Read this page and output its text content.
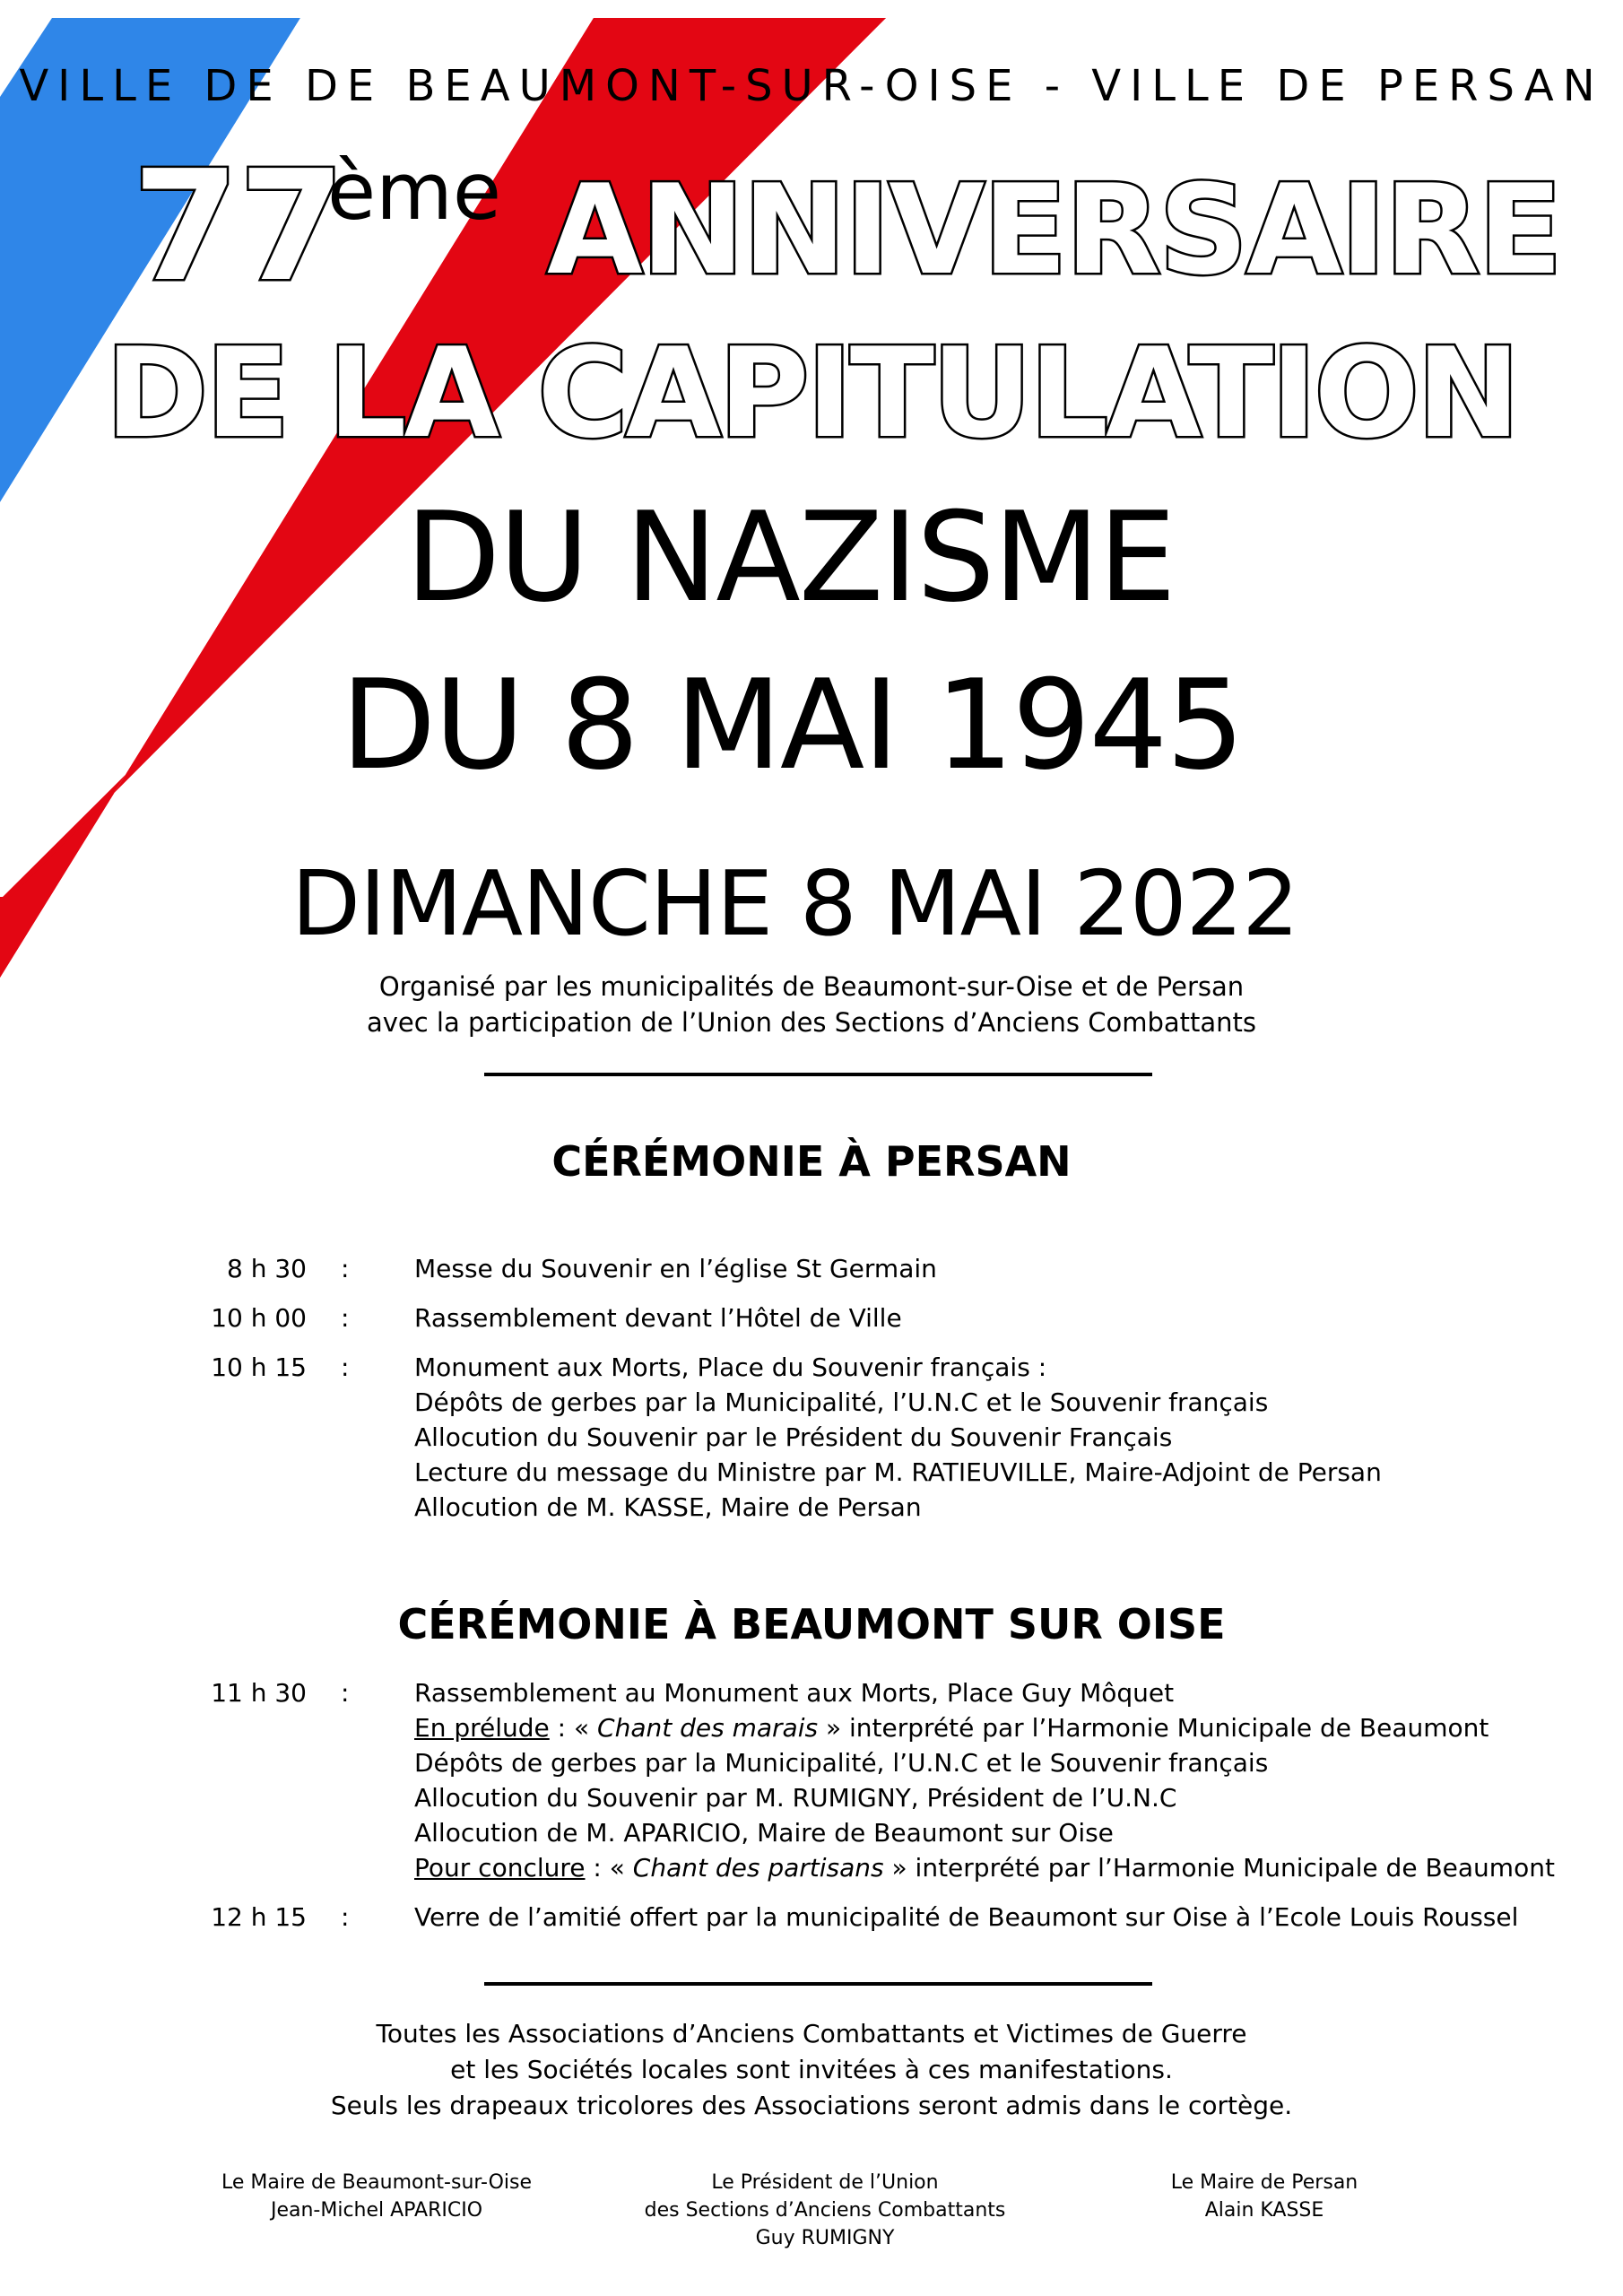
VILLE DE DE BEAUMONT-SUR-OISE - VILLE DE PERSAN
77
ème ANNIVERSAIRE
DE LA CAPITULATION
DU NAZISME
DU 8 MAI 1945
DIMANCHE 8 MAI 2022
Organisé par les municipalités de Beaumont-sur-Oise et de Persan
avec la participation de l’Union des Sections d’Anciens Combattants
CÉRÉMONIE À PERSAN
8 h 30 :	Messe du Souvenir en l’église St Germain
10 h 00 :	Rassemblement devant l’Hôtel de Ville
10 h 15 :	Monument aux Morts, Place du Souvenir français :
Dépôts de gerbes par la Municipalité, l’U.N.C et le Souvenir français
Allocution du Souvenir par le Président du Souvenir Français
Lecture du message du Ministre par M. RATIEUVILLE, Maire-Adjoint de Persan
Allocution de M. KASSE, Maire de Persan
CÉRÉMONIE À BEAUMONT SUR OISE
11 h 30 :	Rassemblement au Monument aux Morts, Place Guy Môquet
En prélude : « Chant des marais » interprété par l’Harmonie Municipale de Beaumont
Dépôts de gerbes par la Municipalité, l’U.N.C et le Souvenir français
Allocution du Souvenir par M. RUMIGNY, Président de l’U.N.C
Allocution de M. APARICIO, Maire de Beaumont sur Oise
Pour conclure : « Chant des partisans » interprété par l’Harmonie Municipale de Beaumont
12 h 15 :	Verre de l’amitié offert par la municipalité de Beaumont sur Oise à l’Ecole Louis Roussel
Toutes les Associations d’Anciens Combattants et Victimes de Guerre
et les Sociétés locales sont invitées à ces manifestations.
Seuls les drapeaux tricolores des Associations seront admis dans le cortège.
Le Maire de Beaumont-sur-Oise
Jean-Michel APARICIO
Le Président de l’Union
des Sections d’Anciens Combattants
Guy RUMIGNY
Le Maire de Persan
Alain KASSE
